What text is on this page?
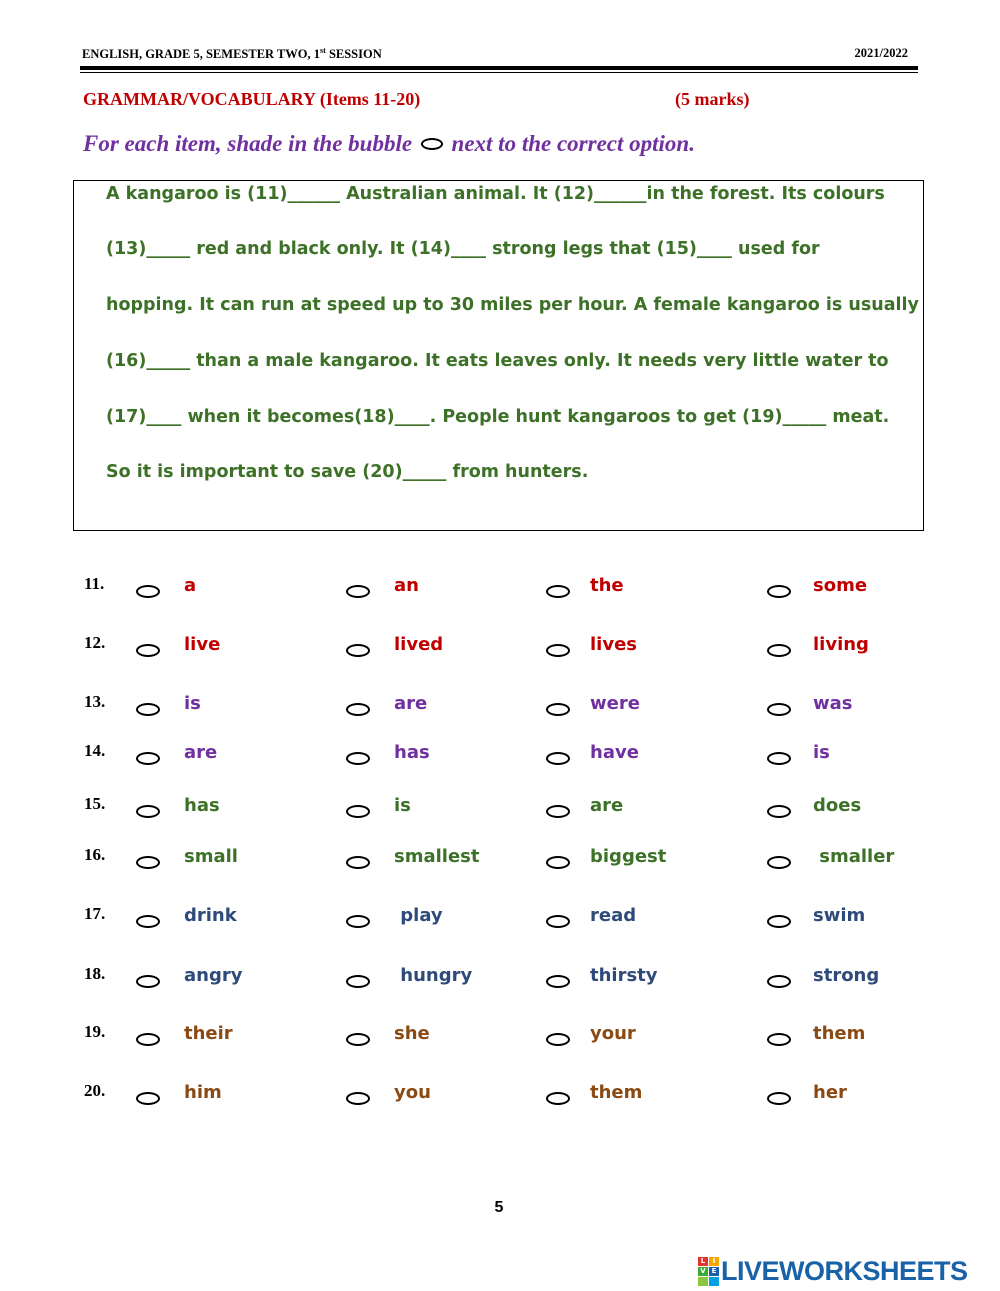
ENGLISH, GRADE 5, SEMESTER TWO, 1st SESSION	2021/2022
GRAMMAR/VOCABULARY (Items 11-20)	(5 marks)
For each item, shade in the bubble next to the correct option.
A kangaroo is (11)______ Australian animal. It (12)______in the forest. Its colours
(13)_____ red and black only. It (14)____ strong legs that (15)____ used for
hopping. It can run at speed up to 30 miles per hour. A female kangaroo is usually
(16)_____ than a male kangaroo. It eats leaves only. It needs very little water to
(17)____ when it becomes(18)____. People hunt kangaroos to get (19)_____ meat.
So it is important to save (20)_____ from hunters.
11.	a	an	the	some
12.	live	lived	lives	living
13.	is	are	were	was
14.	are	has	have	is
15.	has	is	are	does
16.	small	smallest	biggest	smaller
17.	drink	play	read	swim
18.	angry	hungry	thirsty	strong
19.	their	she	your	them
20.	him	you	them	her
5
L	I
V E LIVEWORKSHEETS
